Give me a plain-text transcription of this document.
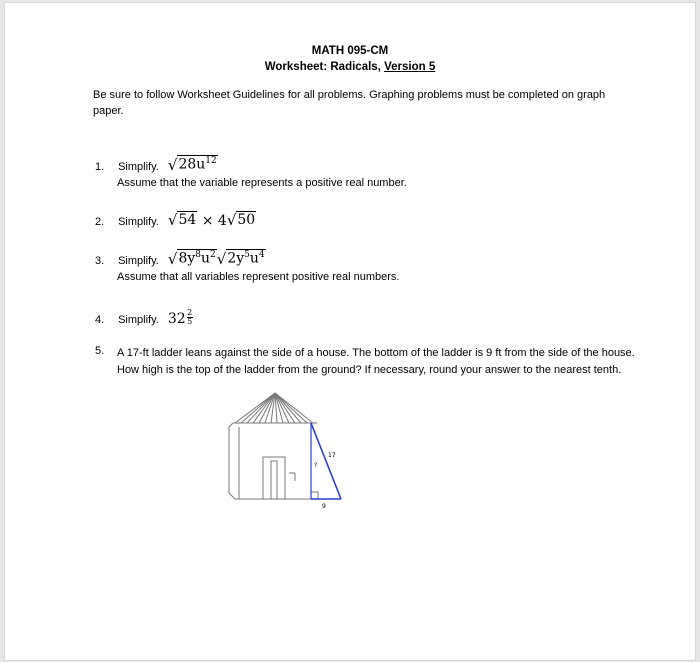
MATH 095-CM
Worksheet: Radicals, Version 5
Be sure to follow Worksheet Guidelines for all problems. Graphing problems must be completed on graph paper.
1. Simplify. √ $28u^{12}$
Assume that the variable represents a positive real number.
2. Simplify. √ 54 × 4 √ 50
3. Simplify. √ $8y^8u^2$ √ $2y^5u^4$
Assume that all variables represent positive real numbers.
4. Simplify. $32 \frac{2}{5}$
5. A 17-ft ladder leans against the side of a house. The bottom of the ladder is 9 ft from the side of the house. How high is the top of the ladder from the ground? If necessary, round your answer to the nearest tenth.
17
?
9
